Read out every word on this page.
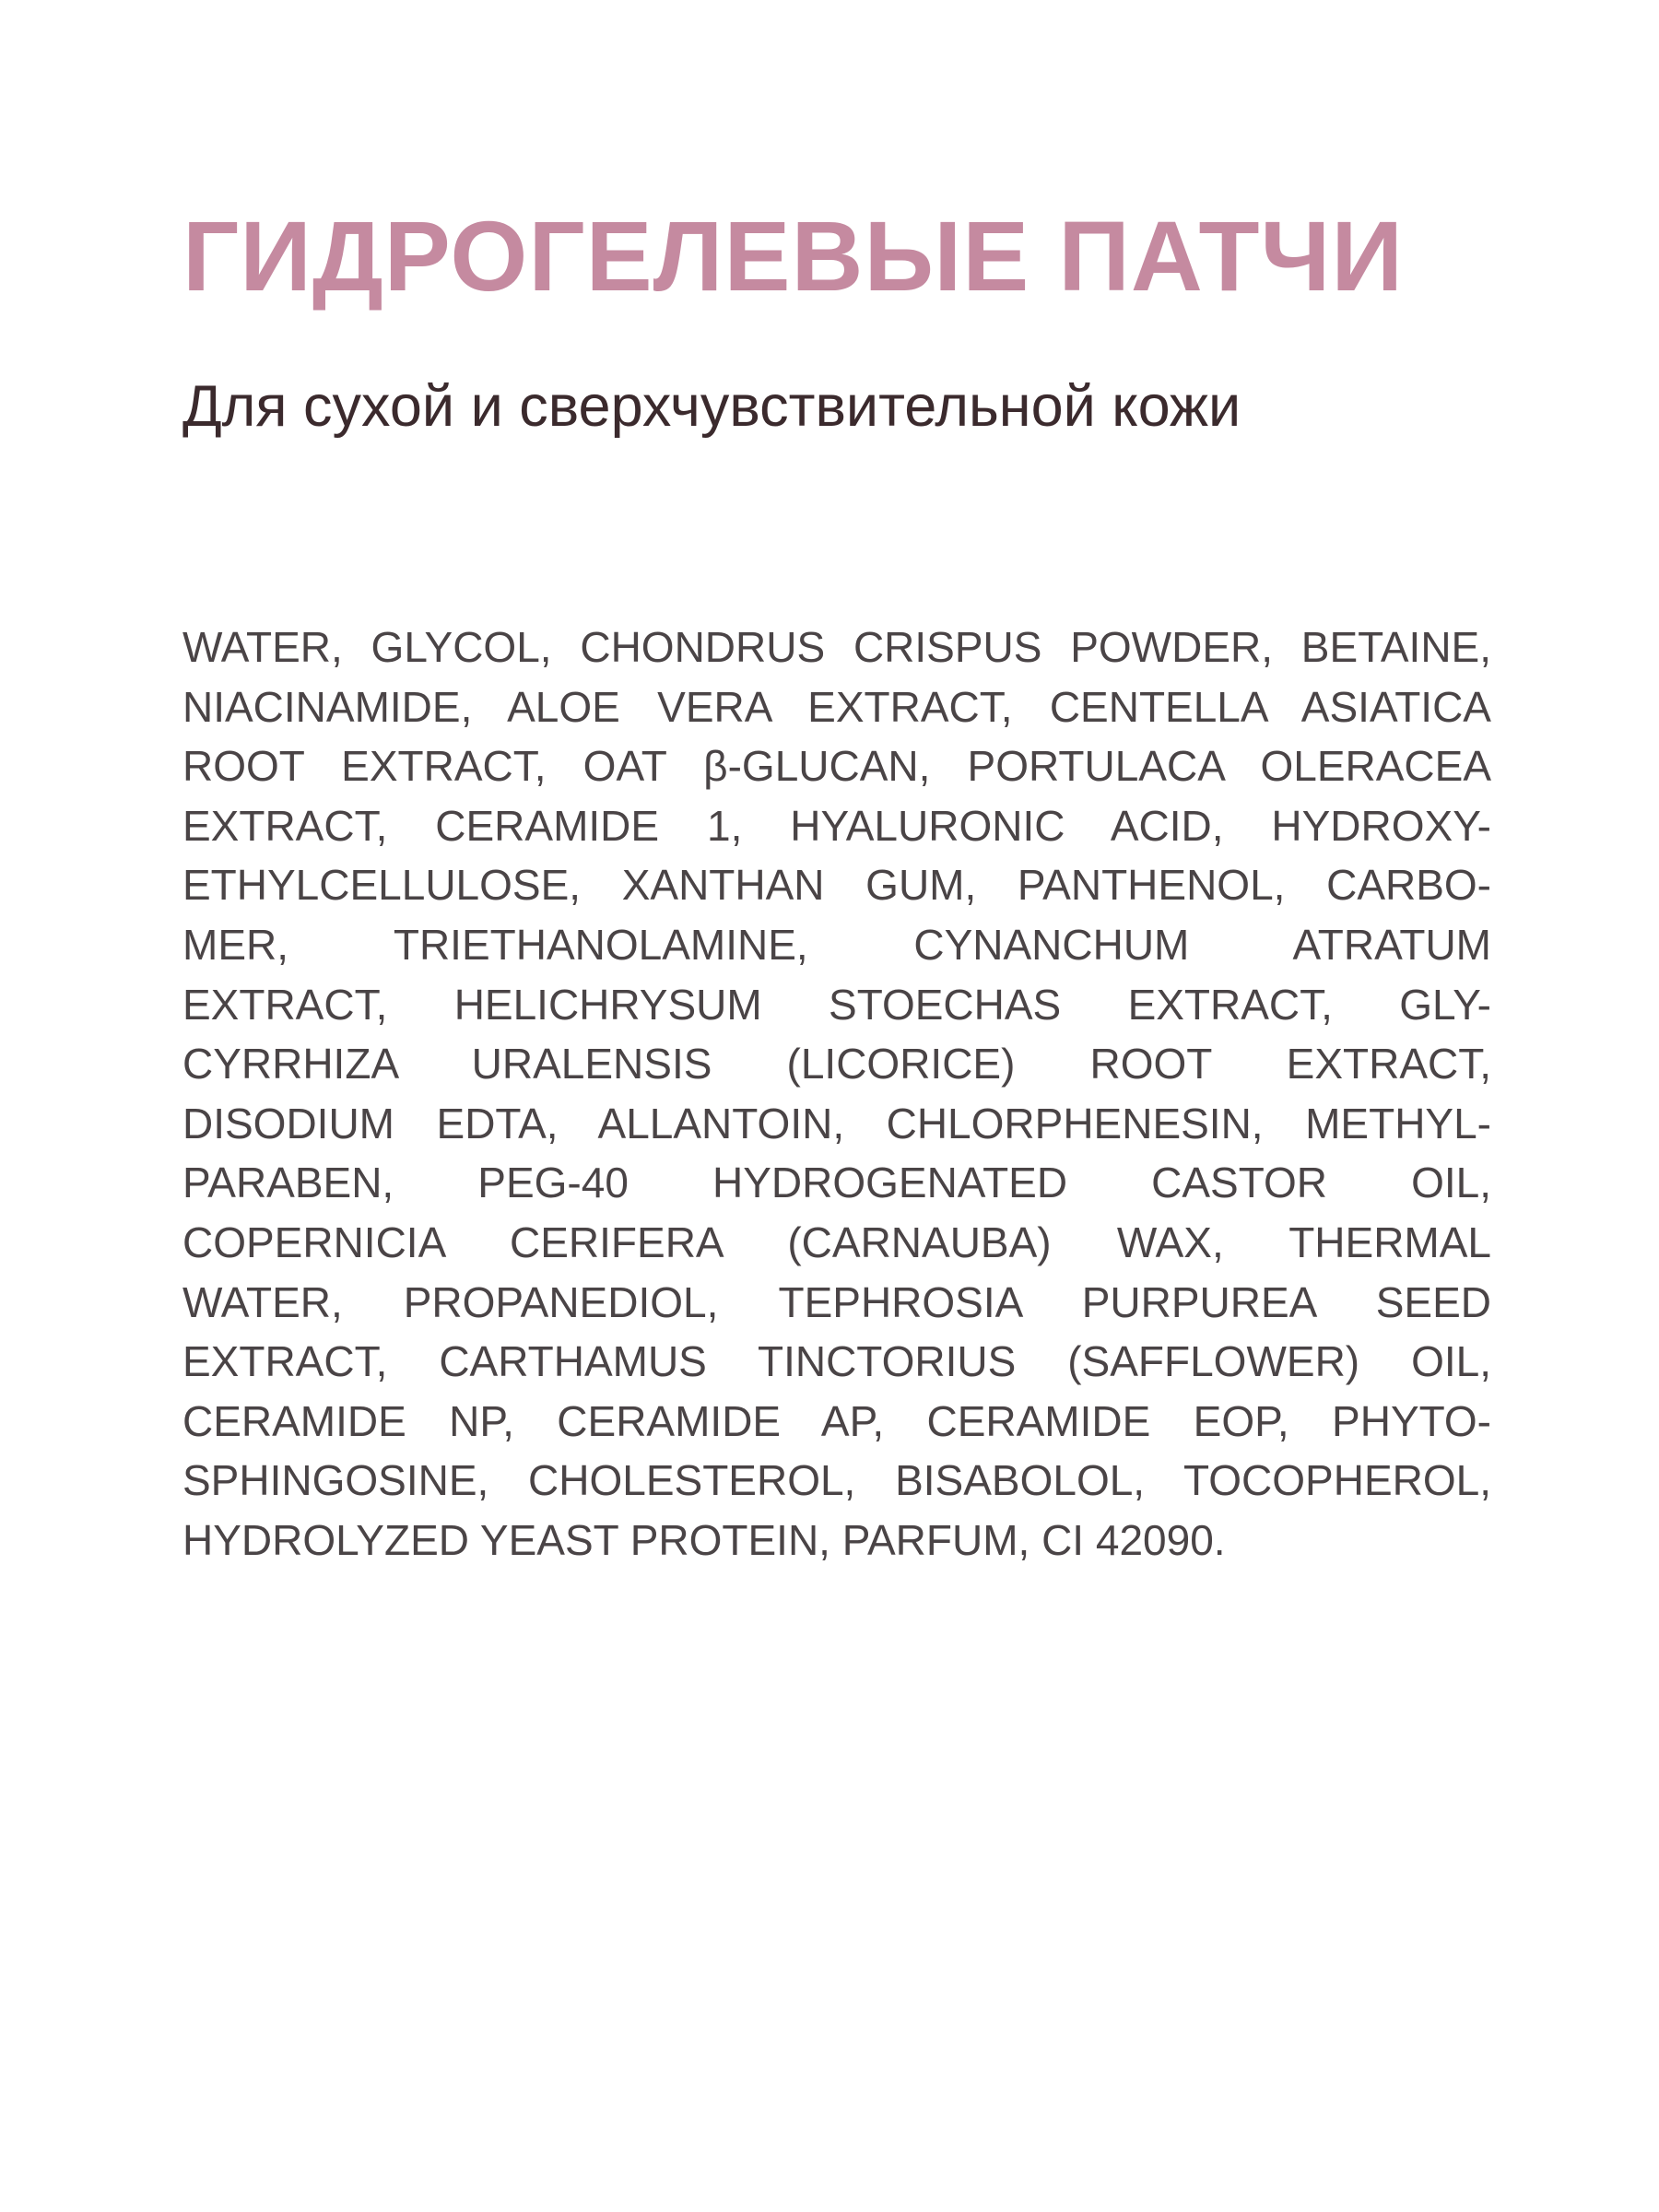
ГИДРОГЕЛЕВЫЕ ПАТЧИ
Для сухой и сверхчувствительной кожи
WATER, GLYCOL, CHONDRUS CRISPUS POWDER, BETAINE,
NIACINAMIDE, ALOE VERA EXTRACT, CENTELLA ASIATICA
ROOT EXTRACT, OAT β-GLUCAN, PORTULACA OLERACEA
EXTRACT, CERAMIDE 1, HYALURONIC ACID, HYDROXY-
ETHYLCELLULOSE, XANTHAN GUM, PANTHENOL, CARBO-
MER, TRIETHANOLAMINE, CYNANCHUM ATRATUM
EXTRACT, HELICHRYSUM STOECHAS EXTRACT, GLY-
CYRRHIZA URALENSIS (LICORICE) ROOT EXTRACT,
DISODIUM EDTA, ALLANTOIN, CHLORPHENESIN, METHYL-
PARABEN, PEG-40 HYDROGENATED CASTOR OIL,
COPERNICIA CERIFERA (CARNAUBA) WAX, THERMAL
WATER, PROPANEDIOL, TEPHROSIA PURPUREA SEED
EXTRACT, CARTHAMUS TINCTORIUS (SAFFLOWER) OIL,
CERAMIDE NP, CERAMIDE AP, CERAMIDE EOP, PHYTO-
SPHINGOSINE, CHOLESTEROL, BISABOLOL, TOCOPHEROL,
HYDROLYZED YEAST PROTEIN, PARFUM, CI 42090.
